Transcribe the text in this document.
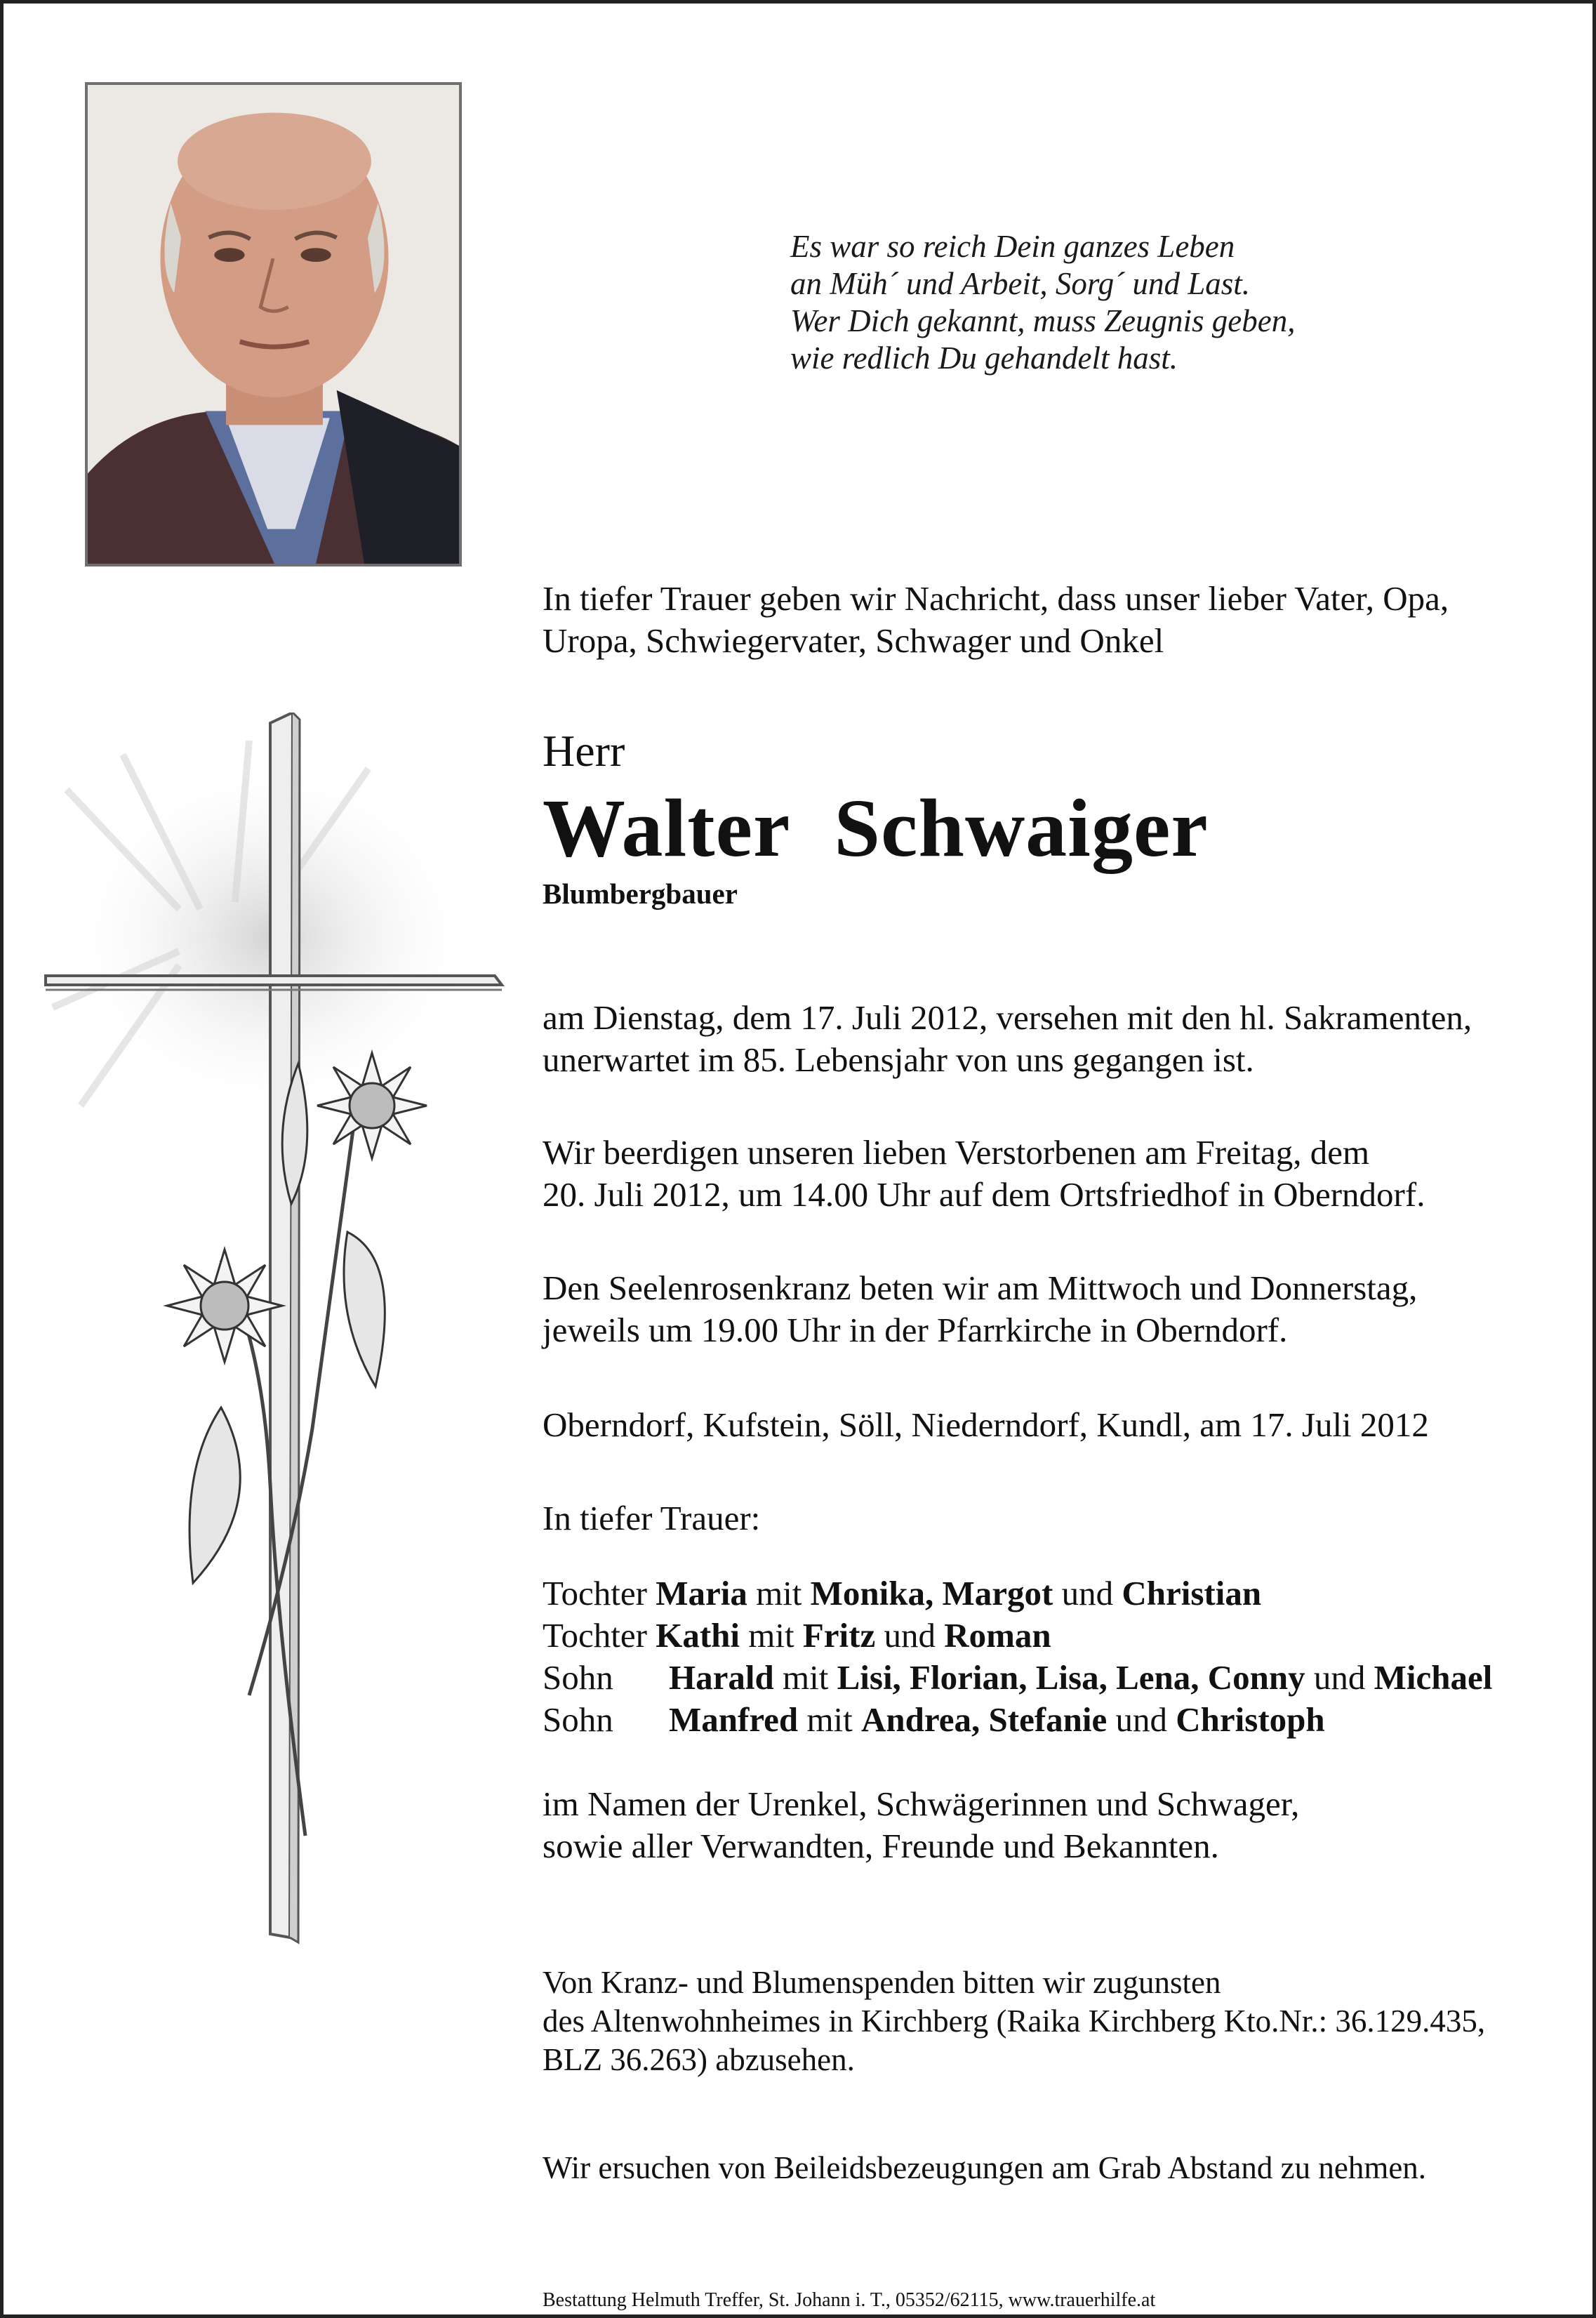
Es war so reich Dein ganzes Leben
an Müh´ und Arbeit, Sorg´ und Last.
Wer Dich gekannt, muss Zeugnis geben,
wie redlich Du gehandelt hast.
In tiefer Trauer geben wir Nachricht, dass unser lieber Vater, Opa,
Uropa, Schwiegervater, Schwager und Onkel
Herr
Walter Schwaiger
Blumbergbauer
am Dienstag, dem 17. Juli 2012, versehen mit den hl. Sakramenten,
unerwartet im 85. Lebensjahr von uns gegangen ist.
Wir beerdigen unseren lieben Verstorbenen am Freitag, dem
20. Juli 2012, um 14.00 Uhr auf dem Ortsfriedhof in Oberndorf.
Den Seelenrosenkranz beten wir am Mittwoch und Donnerstag,
jeweils um 19.00 Uhr in der Pfarrkirche in Oberndorf.
Oberndorf, Kufstein, Söll, Niederndorf, Kundl, am 17. Juli 2012
In tiefer Trauer:
Tochter Maria mit Monika, Margot und Christian
Tochter Kathi mit Fritz und Roman
Sohn Harald mit Lisi, Florian, Lisa, Lena, Conny und Michael
Sohn Manfred mit Andrea, Stefanie und Christoph
im Namen der Urenkel, Schwägerinnen und Schwager,
sowie aller Verwandten, Freunde und Bekannten.
Von Kranz- und Blumenspenden bitten wir zugunsten
des Altenwohnheimes in Kirchberg (Raika Kirchberg Kto.Nr.: 36.129.435,
BLZ 36.263) abzusehen.
Wir ersuchen von Beileidsbezeugungen am Grab Abstand zu nehmen.
Bestattung Helmuth Treffer, St. Johann i. T., 05352/62115, www.trauerhilfe.at
